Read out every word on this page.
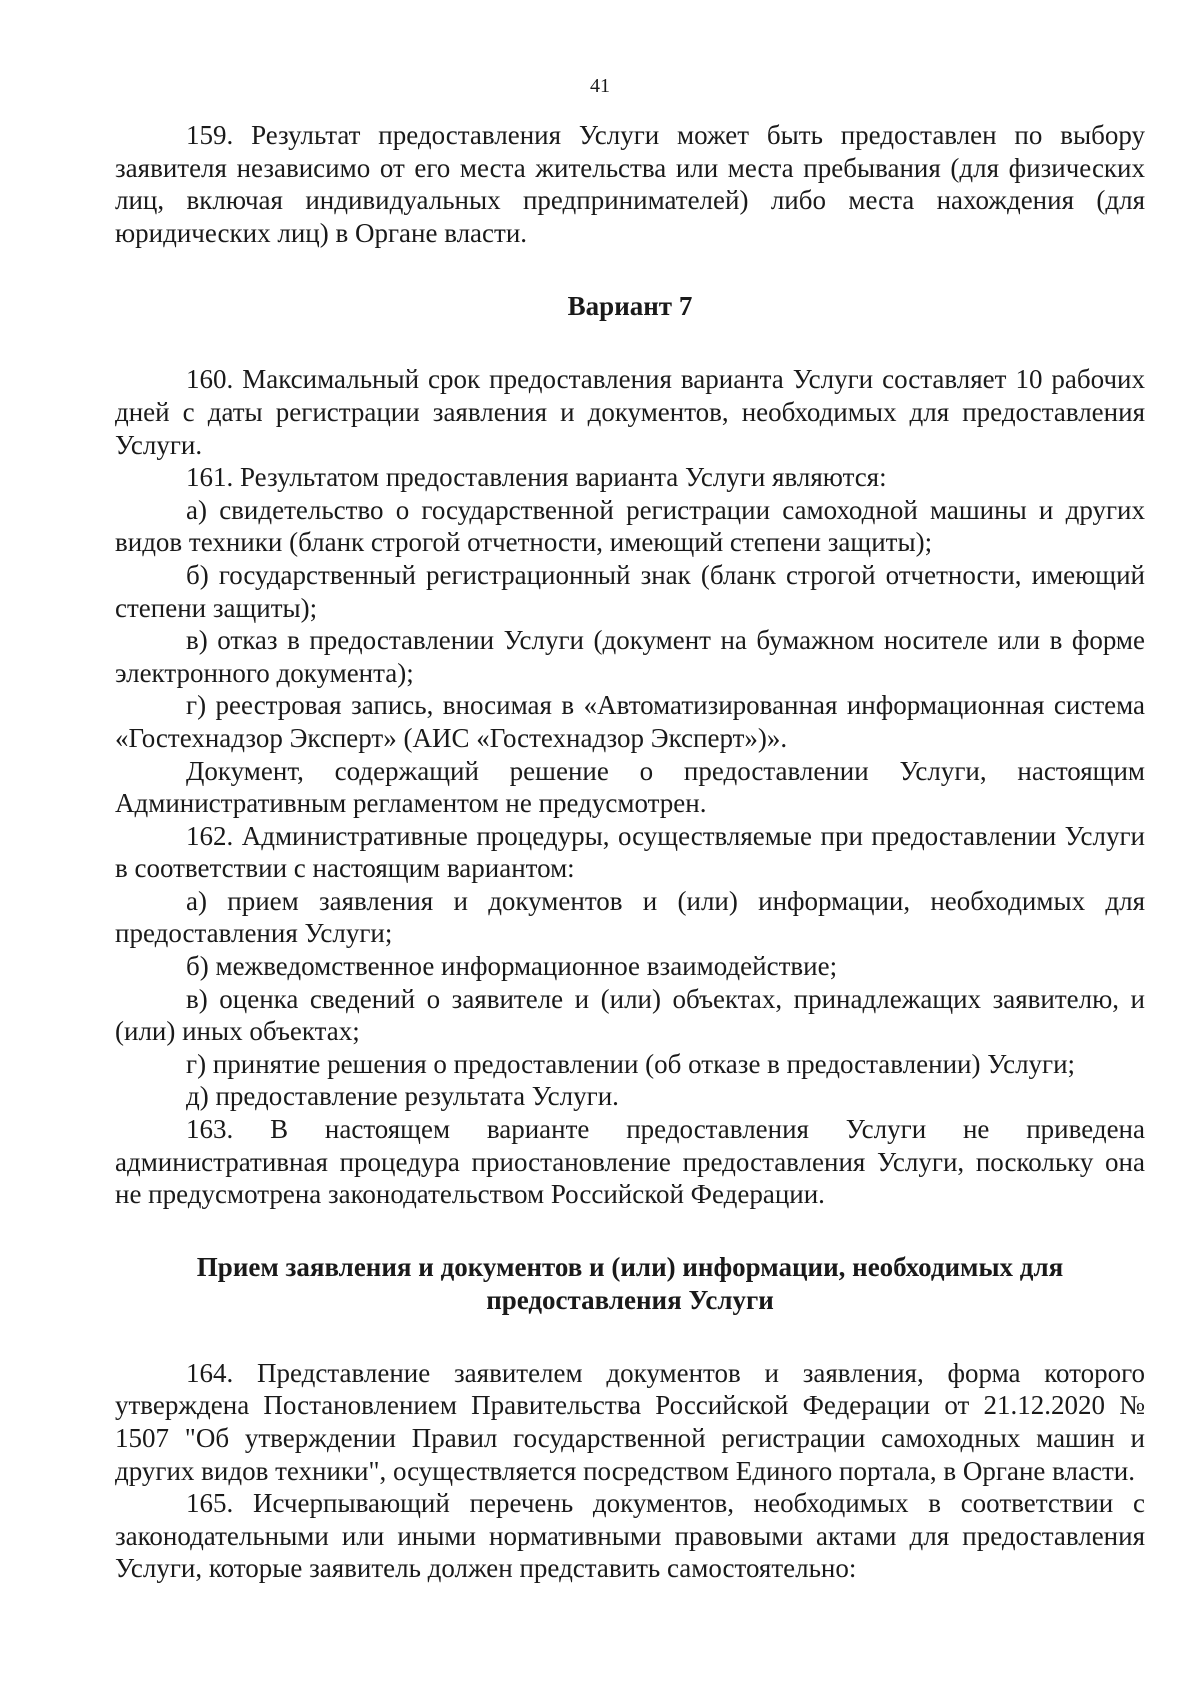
41

159. Результат предоставления Услуги может быть предоставлен по выбору заявителя независимо от его места жительства или места пребывания (для физических лиц, включая индивидуальных предпринимателей) либо места нахождения (для юридических лиц) в Органе власти.

Вариант 7

160. Максимальный срок предоставления варианта Услуги составляет 10 рабочих дней с даты регистрации заявления и документов, необходимых для предоставления Услуги.

161. Результатом предоставления варианта Услуги являются:

а) свидетельство о государственной регистрации самоходной машины и других видов техники (бланк строгой отчетности, имеющий степени защиты);

б) государственный регистрационный знак (бланк строгой отчетности, имеющий степени защиты);

в) отказ в предоставлении Услуги (документ на бумажном носителе или в форме электронного документа);

г) реестровая запись, вносимая в «Автоматизированная информационная система «Гостехнадзор Эксперт» (АИС «Гостехнадзор Эксперт»)».

Документ, содержащий решение о предоставлении Услуги, настоящим Административным регламентом не предусмотрен.

162. Административные процедуры, осуществляемые при предоставлении Услуги в соответствии с настоящим вариантом:

а) прием заявления и документов и (или) информации, необходимых для предоставления Услуги;

б) межведомственное информационное взаимодействие;

в) оценка сведений о заявителе и (или) объектах, принадлежащих заявителю, и (или) иных объектах;

г) принятие решения о предоставлении (об отказе в предоставлении) Услуги;

д) предоставление результата Услуги.

163. В настоящем варианте предоставления Услуги не приведена административная процедура приостановление предоставления Услуги, поскольку она не предусмотрена законодательством Российской Федерации.

Прием заявления и документов и (или) информации, необходимых для
предоставления Услуги

164. Представление заявителем документов и заявления, форма которого утверждена Постановлением Правительства Российской Федерации от 21.12.2020 № 1507 "Об утверждении Правил государственной регистрации самоходных машин и других видов техники", осуществляется посредством Единого портала, в Органе власти.

165. Исчерпывающий перечень документов, необходимых в соответствии с законодательными или иными нормативными правовыми актами для предоставления Услуги, которые заявитель должен представить самостоятельно:
